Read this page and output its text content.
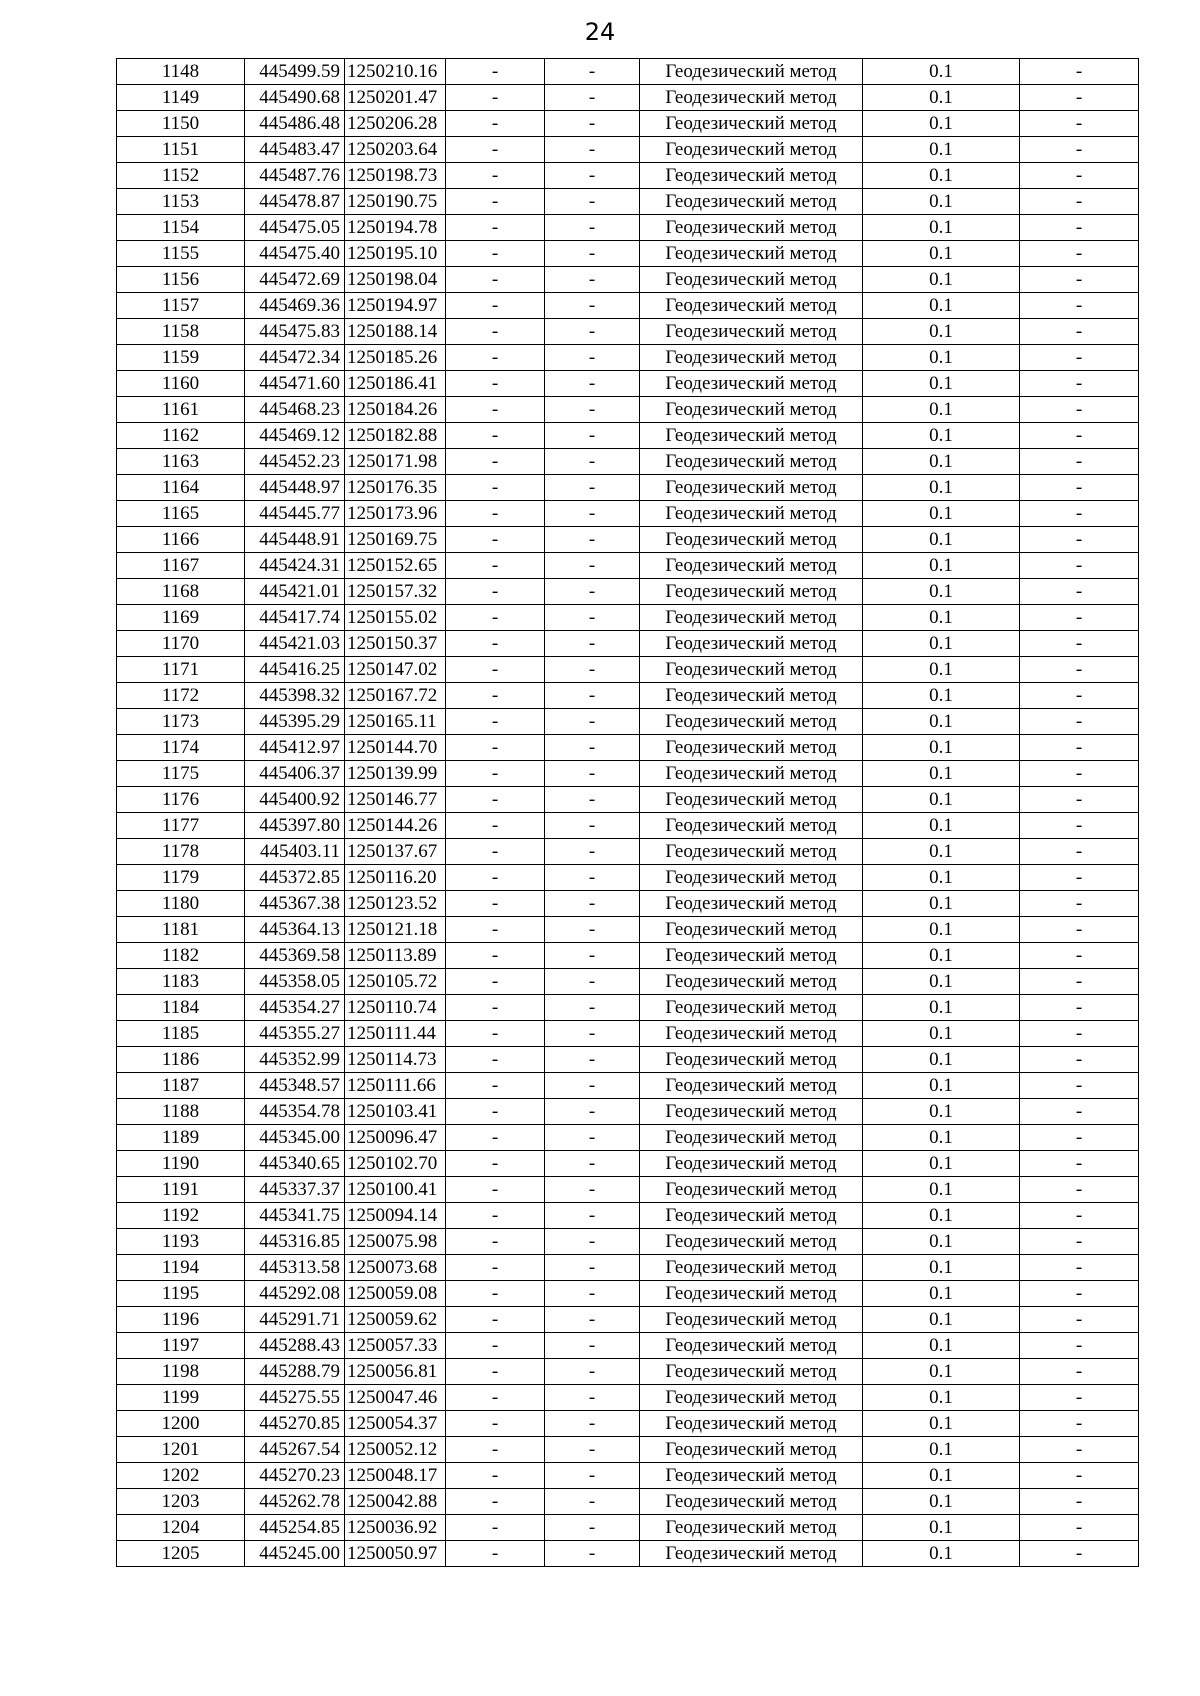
24
1148	445499.59	1250210.16	-	-	Геодезический метод	0.1	-
1149	445490.68	1250201.47	-	-	Геодезический метод	0.1	-
1150	445486.48	1250206.28	-	-	Геодезический метод	0.1	-
1151	445483.47	1250203.64	-	-	Геодезический метод	0.1	-
1152	445487.76	1250198.73	-	-	Геодезический метод	0.1	-
1153	445478.87	1250190.75	-	-	Геодезический метод	0.1	-
1154	445475.05	1250194.78	-	-	Геодезический метод	0.1	-
1155	445475.40	1250195.10	-	-	Геодезический метод	0.1	-
1156	445472.69	1250198.04	-	-	Геодезический метод	0.1	-
1157	445469.36	1250194.97	-	-	Геодезический метод	0.1	-
1158	445475.83	1250188.14	-	-	Геодезический метод	0.1	-
1159	445472.34	1250185.26	-	-	Геодезический метод	0.1	-
1160	445471.60	1250186.41	-	-	Геодезический метод	0.1	-
1161	445468.23	1250184.26	-	-	Геодезический метод	0.1	-
1162	445469.12	1250182.88	-	-	Геодезический метод	0.1	-
1163	445452.23	1250171.98	-	-	Геодезический метод	0.1	-
1164	445448.97	1250176.35	-	-	Геодезический метод	0.1	-
1165	445445.77	1250173.96	-	-	Геодезический метод	0.1	-
1166	445448.91	1250169.75	-	-	Геодезический метод	0.1	-
1167	445424.31	1250152.65	-	-	Геодезический метод	0.1	-
1168	445421.01	1250157.32	-	-	Геодезический метод	0.1	-
1169	445417.74	1250155.02	-	-	Геодезический метод	0.1	-
1170	445421.03	1250150.37	-	-	Геодезический метод	0.1	-
1171	445416.25	1250147.02	-	-	Геодезический метод	0.1	-
1172	445398.32	1250167.72	-	-	Геодезический метод	0.1	-
1173	445395.29	1250165.11	-	-	Геодезический метод	0.1	-
1174	445412.97	1250144.70	-	-	Геодезический метод	0.1	-
1175	445406.37	1250139.99	-	-	Геодезический метод	0.1	-
1176	445400.92	1250146.77	-	-	Геодезический метод	0.1	-
1177	445397.80	1250144.26	-	-	Геодезический метод	0.1	-
1178	445403.11	1250137.67	-	-	Геодезический метод	0.1	-
1179	445372.85	1250116.20	-	-	Геодезический метод	0.1	-
1180	445367.38	1250123.52	-	-	Геодезический метод	0.1	-
1181	445364.13	1250121.18	-	-	Геодезический метод	0.1	-
1182	445369.58	1250113.89	-	-	Геодезический метод	0.1	-
1183	445358.05	1250105.72	-	-	Геодезический метод	0.1	-
1184	445354.27	1250110.74	-	-	Геодезический метод	0.1	-
1185	445355.27	1250111.44	-	-	Геодезический метод	0.1	-
1186	445352.99	1250114.73	-	-	Геодезический метод	0.1	-
1187	445348.57	1250111.66	-	-	Геодезический метод	0.1	-
1188	445354.78	1250103.41	-	-	Геодезический метод	0.1	-
1189	445345.00	1250096.47	-	-	Геодезический метод	0.1	-
1190	445340.65	1250102.70	-	-	Геодезический метод	0.1	-
1191	445337.37	1250100.41	-	-	Геодезический метод	0.1	-
1192	445341.75	1250094.14	-	-	Геодезический метод	0.1	-
1193	445316.85	1250075.98	-	-	Геодезический метод	0.1	-
1194	445313.58	1250073.68	-	-	Геодезический метод	0.1	-
1195	445292.08	1250059.08	-	-	Геодезический метод	0.1	-
1196	445291.71	1250059.62	-	-	Геодезический метод	0.1	-
1197	445288.43	1250057.33	-	-	Геодезический метод	0.1	-
1198	445288.79	1250056.81	-	-	Геодезический метод	0.1	-
1199	445275.55	1250047.46	-	-	Геодезический метод	0.1	-
1200	445270.85	1250054.37	-	-	Геодезический метод	0.1	-
1201	445267.54	1250052.12	-	-	Геодезический метод	0.1	-
1202	445270.23	1250048.17	-	-	Геодезический метод	0.1	-
1203	445262.78	1250042.88	-	-	Геодезический метод	0.1	-
1204	445254.85	1250036.92	-	-	Геодезический метод	0.1	-
1205	445245.00	1250050.97	-	-	Геодезический метод	0.1	-
